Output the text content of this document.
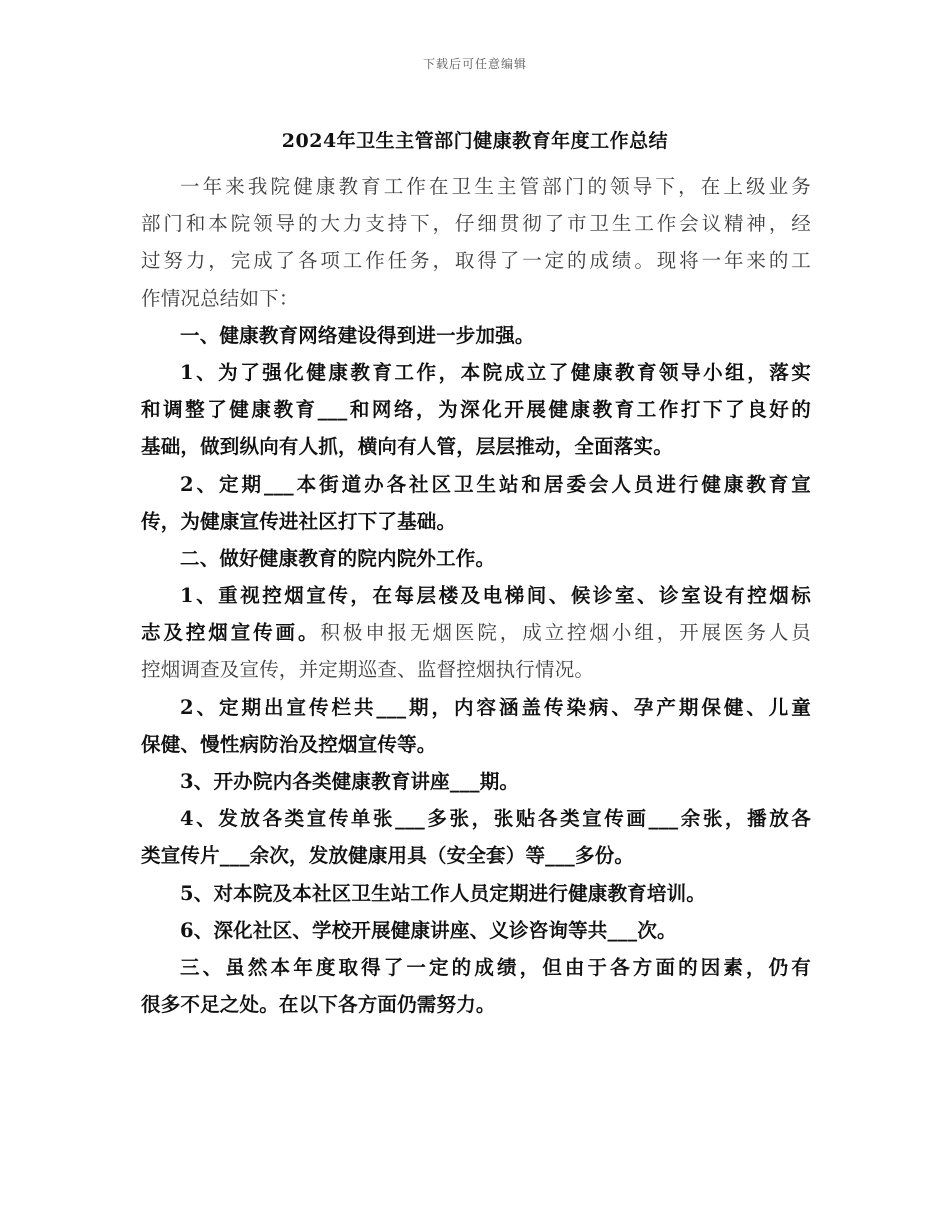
下载后可任意编辑
2024年卫生主管部门健康教育年度工作总结
一年来我院健康教育工作在卫生主管部门的领导下，在上级业务
部门和本院领导的大力支持下，仔细贯彻了市卫生工作会议精神，经
过努力，完成了各项工作任务，取得了一定的成绩。现将一年来的工
作情况总结如下：
一、健康教育网络建设得到进一步加强。
1、为了强化健康教育工作，本院成立了健康教育领导小组，落实
和调整了健康教育___和网络，为深化开展健康教育工作打下了良好的
基础，做到纵向有人抓，横向有人管，层层推动，全面落实。
2、定期___本街道办各社区卫生站和居委会人员进行健康教育宣
传，为健康宣传进社区打下了基础。
二、做好健康教育的院内院外工作。
1、重视控烟宣传，在每层楼及电梯间、候诊室、诊室设有控烟标
志及控烟宣传画。积极申报无烟医院，成立控烟小组，开展医务人员
控烟调查及宣传，并定期巡查、监督控烟执行情况。
2、定期出宣传栏共___期，内容涵盖传染病、孕产期保健、儿童
保健、慢性病防治及控烟宣传等。
3、开办院内各类健康教育讲座___期。
4、发放各类宣传单张___多张，张贴各类宣传画___余张，播放各
类宣传片___余次，发放健康用具（安全套）等___多份。
5、对本院及本社区卫生站工作人员定期进行健康教育培训。
6、深化社区、学校开展健康讲座、义诊咨询等共___次。
三、虽然本年度取得了一定的成绩，但由于各方面的因素，仍有
很多不足之处。在以下各方面仍需努力。
